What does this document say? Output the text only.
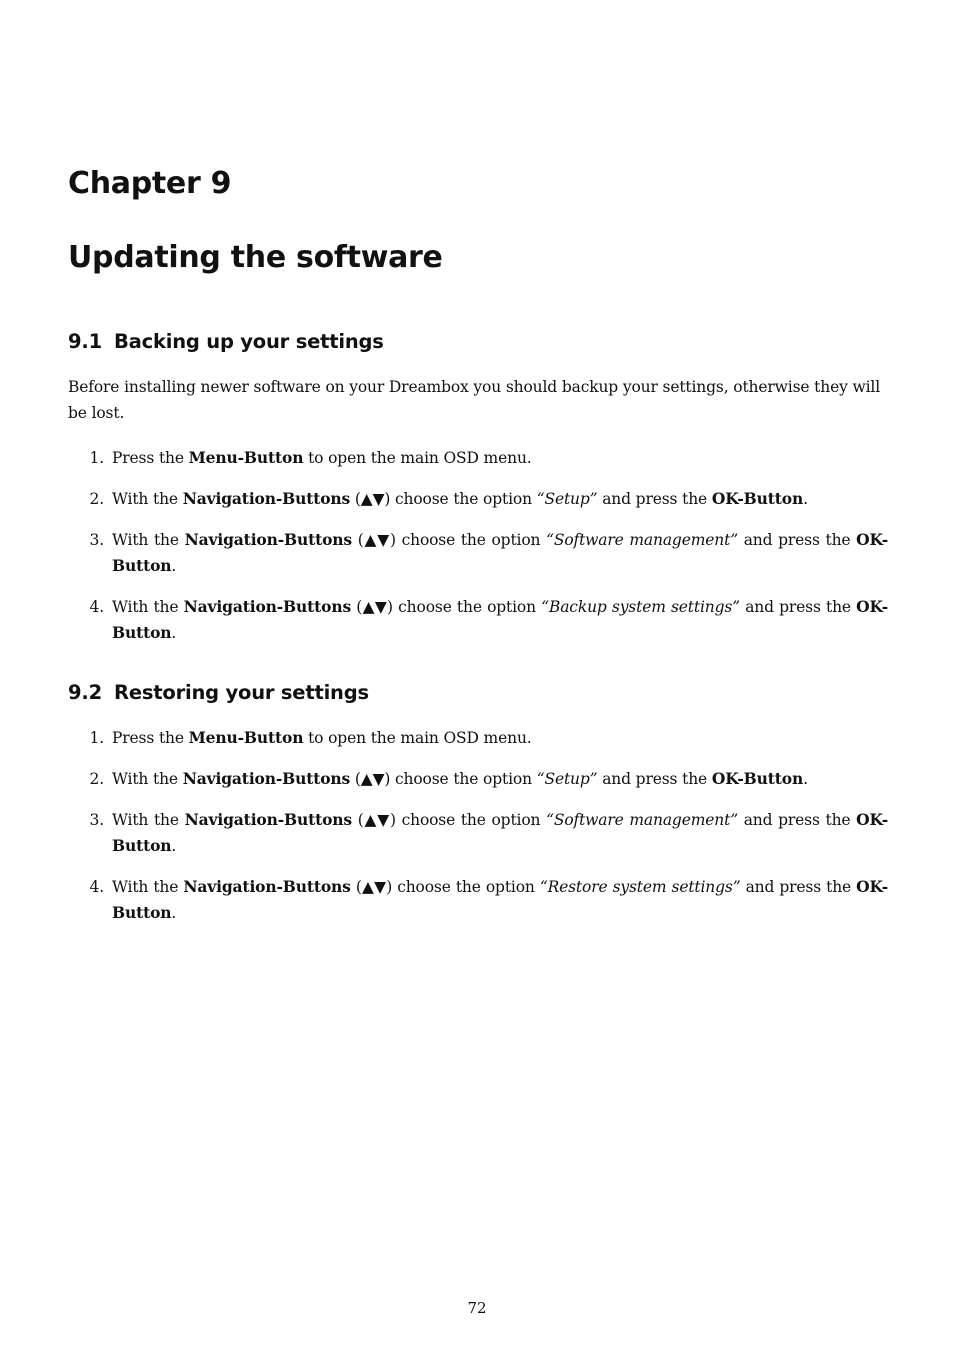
Chapter 9
Updating the software
9.1 Backing up your settings

Before installing newer software on your Dreambox you should backup your settings, otherwise they will be lost.

1. Press the Menu-Button to open the main OSD menu.
2. With the Navigation-Buttons (▲▼) choose the option “Setup” and press the OK-Button.
3. With the Navigation-Buttons (▲▼) choose the option “Software management” and press the OK-Button.
4. With the Navigation-Buttons (▲▼) choose the option “Backup system settings” and press the OK-Button.
9.2 Restoring your settings
1. Press the Menu-Button to open the main OSD menu.
2. With the Navigation-Buttons (▲▼) choose the option “Setup” and press the OK-Button.
3. With the Navigation-Buttons (▲▼) choose the option “Software management” and press the OK-Button.
4. With the Navigation-Buttons (▲▼) choose the option “Restore system settings” and press the OK-Button.
72
